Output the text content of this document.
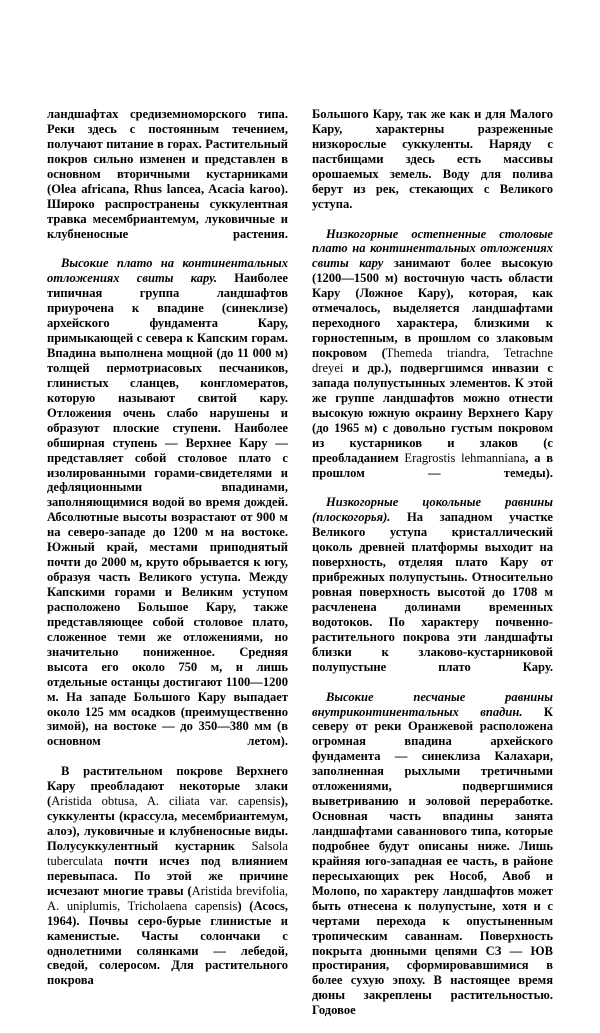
ландшафтах средиземноморского типа. Реки здесь с постоянным течением, получают питание в горах. Растительный покров сильно изменен и представлен в основном вторичными кустарниками (Olea africana, Rhus lancea, Acacia karoo). Широко распространены суккулентная травка месембриантемум, луковичные и клубненосные растения.

Высокие плато на континентальных отложениях свиты кару. Наиболее типичная группа ландшафтов приурочена к впадине (синеклизе) архейского фундамента Кару, примыкающей с севера к Капским горам. Впадина выполнена мощной (до 11 000 м) толщей пермотриасовых песчаников, глинистых сланцев, конгломератов, которую называют свитой кару. Отложения очень слабо нарушены и образуют плоские ступени. Наиболее обширная ступень — Верхнее Кару — представляет собой столовое плато с изолированными горами-свидетелями и дефляционными впадинами, заполняющимися водой во время дождей. Абсолютные высоты возрастают от 900 м на северо-западе до 1200 м на востоке. Южный край, местами приподнятый почти до 2000 м, круто обрывается к югу, образуя часть Великого уступа. Между Капскими горами и Великим уступом расположено Большое Кару, также представляющее собой столовое плато, сложенное теми же отложениями, но значительно пониженное. Средняя высота его около 750 м, и лишь отдельные останцы достигают 1100—1200 м. На западе Большого Кару выпадает около 125 мм осадков (преимущественно зимой), на востоке — до 350—380 мм (в основном летом).

В растительном покрове Верхнего Кару преобладают некоторые злаки (Aristida obtusa, A. ciliata var. capensis), суккуленты (крассула, месембриантемум, алоэ), луковичные и клубненосные виды. Полусуккулентный кустарник Salsola tuberculata почти исчез под влиянием перевыпаса. По этой же причине исчезают многие травы (Aristida brevifolia, A. uniplumis, Tricholaena capensis) (Acocs, 1964). Почвы серо-бурые глинистые и каменистые. Часты солончаки с однолетними солянками — лебедой, сведой, солеросом. Для растительного покрова

Большого Кару, так же как и для Малого Кару, характерны разреженные низкорослые суккуленты. Наряду с пастбищами здесь есть массивы орошаемых земель. Воду для полива берут из рек, стекающих с Великого уступа.

Низкогорные остепненные столовые плато на континентальных отложениях свиты кару занимают более высокую (1200—1500 м) восточную часть области Кару (Ложное Кару), которая, как отмечалось, выделяется ландшафтами переходного характера, близкими к горностепным, в прошлом со злаковым покровом (Themeda triandra, Tetrachne dreyei и др.), подвергшимся инвазии с запада полупустынных элементов. К этой же группе ландшафтов можно отнести высокую южную окраину Верхнего Кару (до 1965 м) с довольно густым покровом из кустарников и злаков (с преобладанием Eragrostis lehmanniana, а в прошлом — темеды).

Низкогорные цокольные равнины (плоскогорья). На западном участке Великого уступа кристаллический цоколь древней платформы выходит на поверхность, отделяя плато Кару от прибрежных полупустынь. Относительно ровная поверхность высотой до 1708 м расчленена долинами временных водотоков. По характеру почвенно-растительного покрова эти ландшафты близки к злаково-кустарниковой полупустыне плато Кару.

Высокие песчаные равнины внутриконтинентальных впадин. К северу от реки Оранжевой расположена огромная впадина архейского фундамента — синеклиза Калахари, заполненная рыхлыми третичными отложениями, подвергшимися выветриванию и эоловой переработке. Основная часть впадины занята ландшафтами саваннового типа, которые подробнее будут описаны ниже. Лишь крайняя юго-западная ее часть, в районе пересыхающих рек Нособ, Авоб и Молопо, по характеру ландшафтов может быть отнесена к полупустыне, хотя и с чертами перехода к опустыненным тропическим саваннам. Поверхность покрыта дюнными цепями СЗ — ЮВ простирания, сформировавшимися в более сухую эпоху. В настоящее время дюны закреплены растительностью. Годовое
